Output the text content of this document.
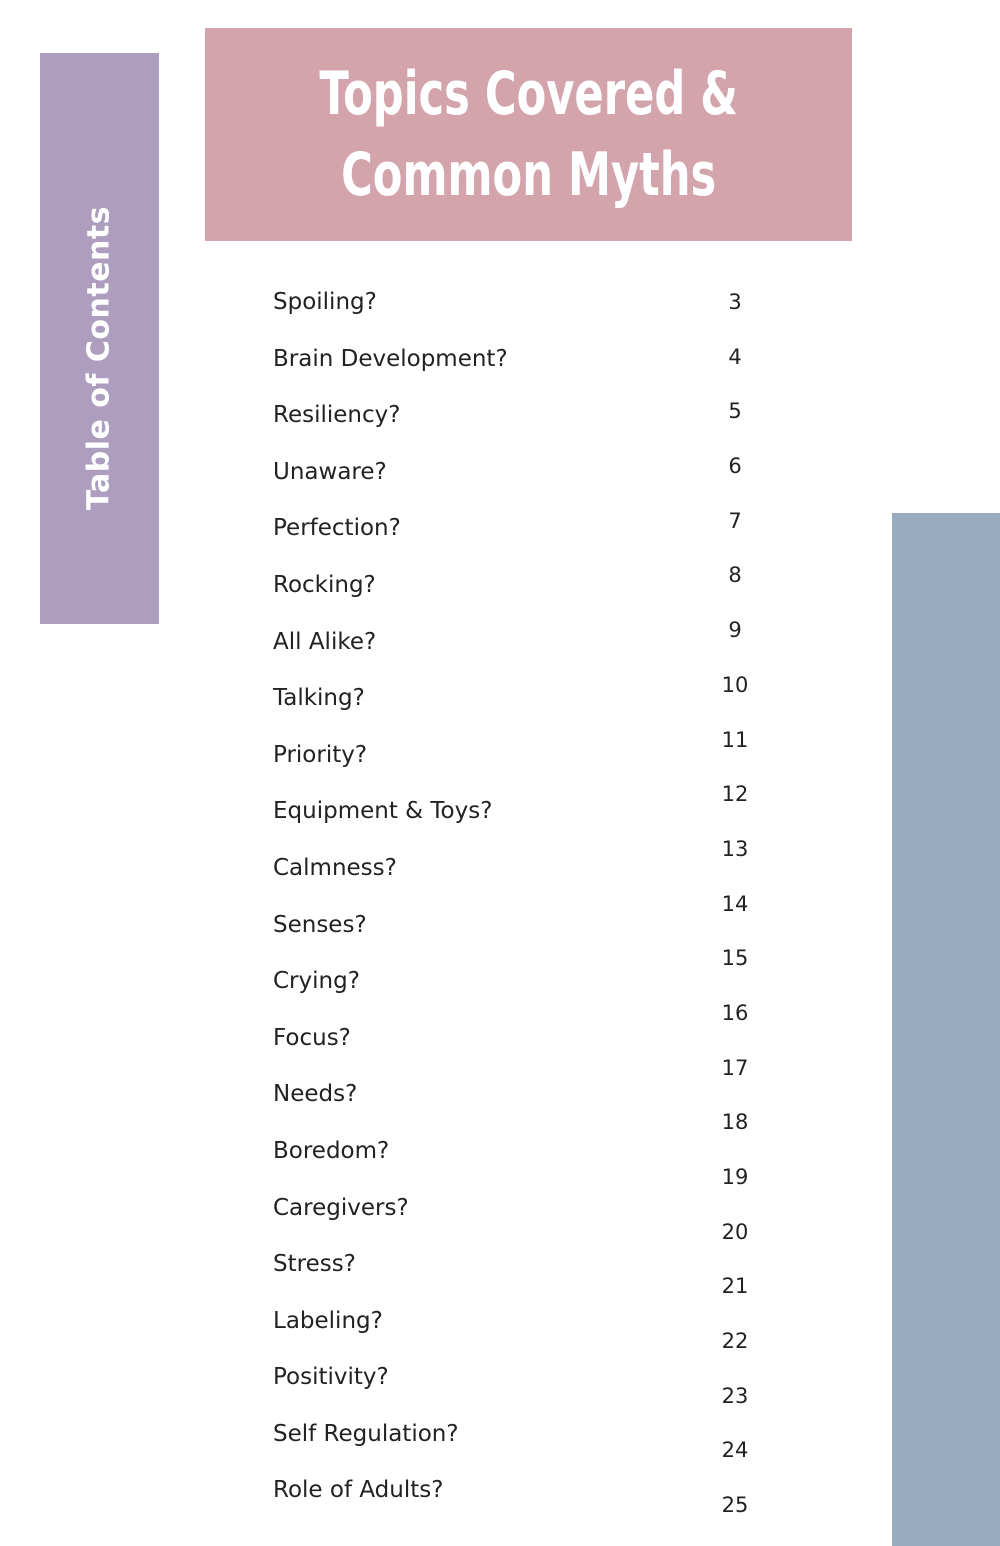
Table of Contents
Topics Covered &
Common Myths
Spoiling?
Brain Development?
Resiliency?
Unaware?
Perfection?
Rocking?
All Alike?
Talking?
Priority?
Equipment & Toys?
Calmness?
Senses?
Crying?
Focus?
Needs?
Boredom?
Caregivers?
Stress?
Labeling?
Positivity?
Self Regulation?
Role of Adults?
3
4
5
6
7
8
9
10
11
12
13
14
15
16
17
18
19
20
21
22
23
24
25
